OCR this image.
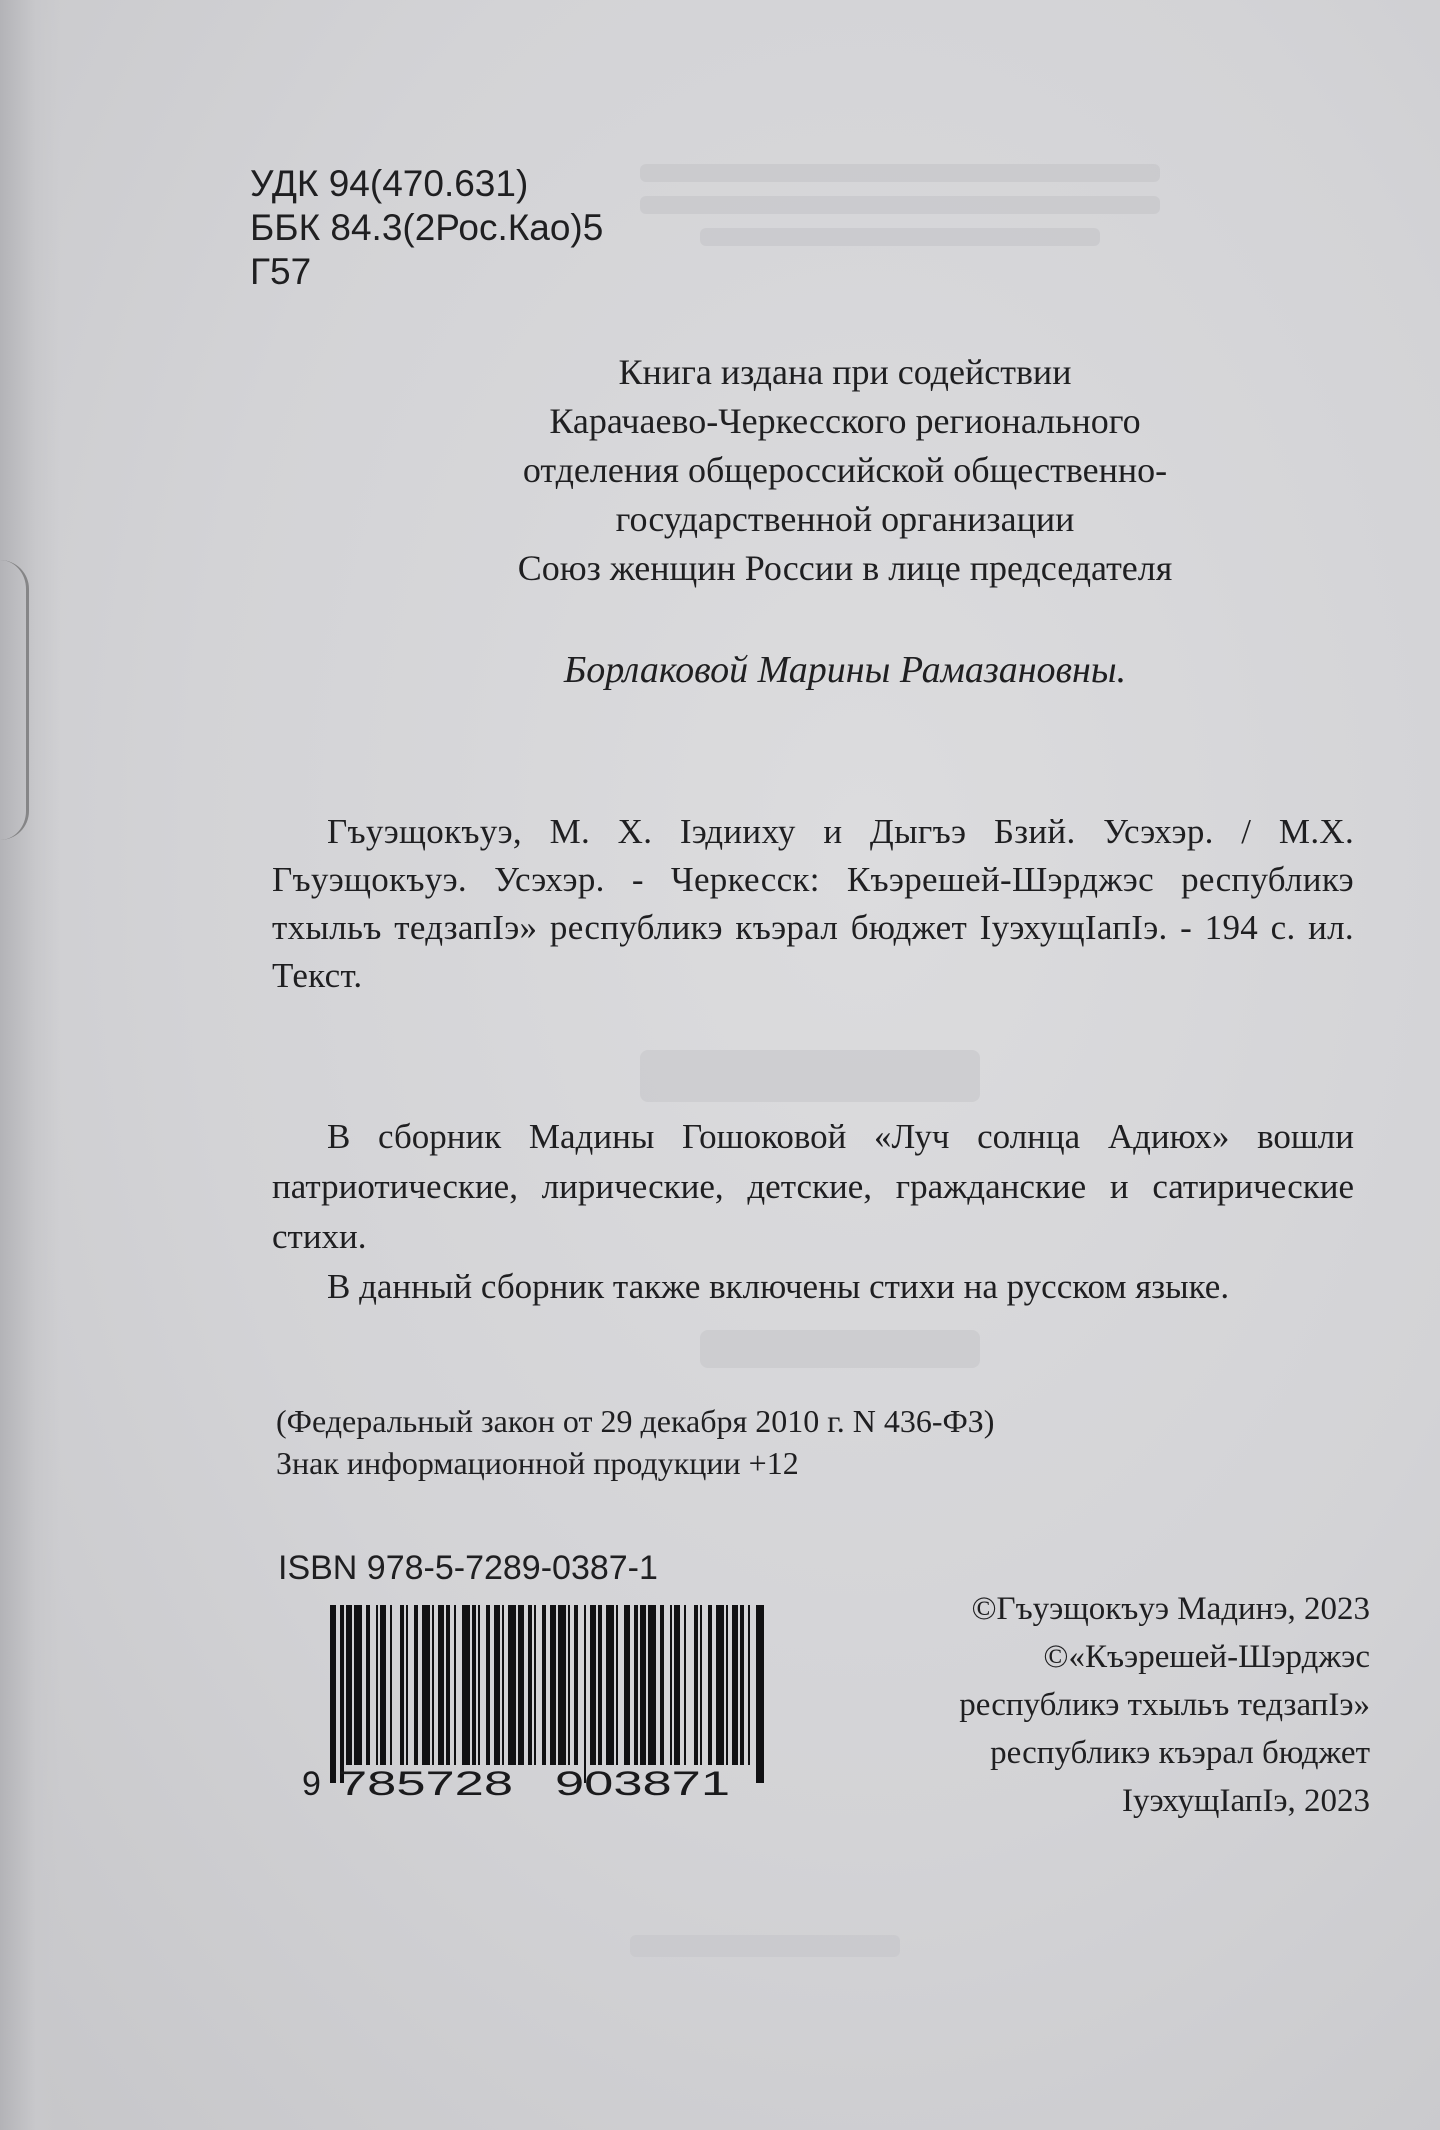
УДК 94(470.631)
ББК 84.3(2Рос.Као)5
Г57
Книга издана при содействии
Карачаево-Черкесского регионального
отделения общероссийской общественно-
государственной организации
Союз женщин России в лице председателя
Борлаковой Марины Рамазановны.
Гъуэщокъуэ, М. Х. Iэдииху и Дыгъэ Бзий. Усэхэр. / М.Х. Гъуэщокъуэ. Усэхэр. - Черкесск: Къэрешей-Шэрджэс республикэ тхыльъ тедзапIэ» республикэ къэрал бюджет IуэхущIапIэ. - 194 с. ил. Текст.

В сборник Мадины Гошоковой «Луч солнца Адиюх» вошли патриотические, лирические, детские, гражданские и сатирические стихи.

В данный сборник также включены стихи на русском языке.

(Федеральный закон от 29 декабря 2010 г. N 436-ФЗ)
Знак информационной продукции +12
ISBN 978-5-7289-0387-1
9 785728 903871
©Гъуэщокъуэ Мадинэ, 2023
©«Къэрешей-Шэрджэс
республикэ тхыльъ тедзапIэ»
республикэ къэрал бюджет
IуэхущIапIэ, 2023
